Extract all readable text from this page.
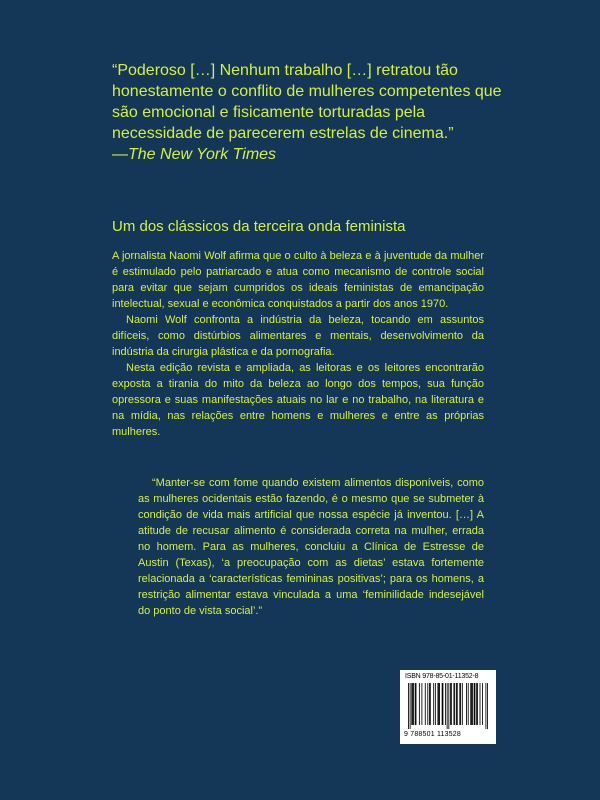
“Poderoso […] Nenhum trabalho […] retratou tão honestamente o conflito de mulheres competentes que são emocional e fisicamente torturadas pela necessidade de parecerem estrelas de cinema.”
—The New York Times
Um dos clássicos da terceira onda feminista

A jornalista Naomi Wolf afirma que o culto à beleza e à juventude da mulher é estimulado pelo patriarcado e atua como mecanismo de controle social para evitar que sejam cumpridos os ideais feministas de emancipação intelectual, sexual e econômica conquistados a partir dos anos 1970.

Naomi Wolf confronta a indústria da beleza, tocando em assuntos difíceis, como distúrbios alimentares e mentais, desenvolvimento da indústria da cirurgia plástica e da pornografia.

Nesta edição revista e ampliada, as leitoras e os leitores encontrarão exposta a tirania do mito da beleza ao longo dos tempos, sua função opressora e suas manifestações atuais no lar e no trabalho, na literatura e na mídia, nas relações entre homens e mulheres e entre as próprias mulheres.

“Manter-se com fome quando existem alimentos disponíveis, como as mulheres ocidentais estão fazendo, é o mesmo que se submeter à condição de vida mais artificial que nossa espécie já inventou. […] A atitude de recusar alimento é considerada correta na mulher, errada no homem. Para as mulheres, concluiu a Clínica de Estresse de Austin (Texas), ‘a preocupação com as dietas’ estava fortemente relacionada a ‘características femininas positivas’; para os homens, a restrição alimentar estava vinculada a uma ‘feminilidade indesejável do ponto de vista social’.”
ISBN 978-85-01-11352-8
9 788501 113528
